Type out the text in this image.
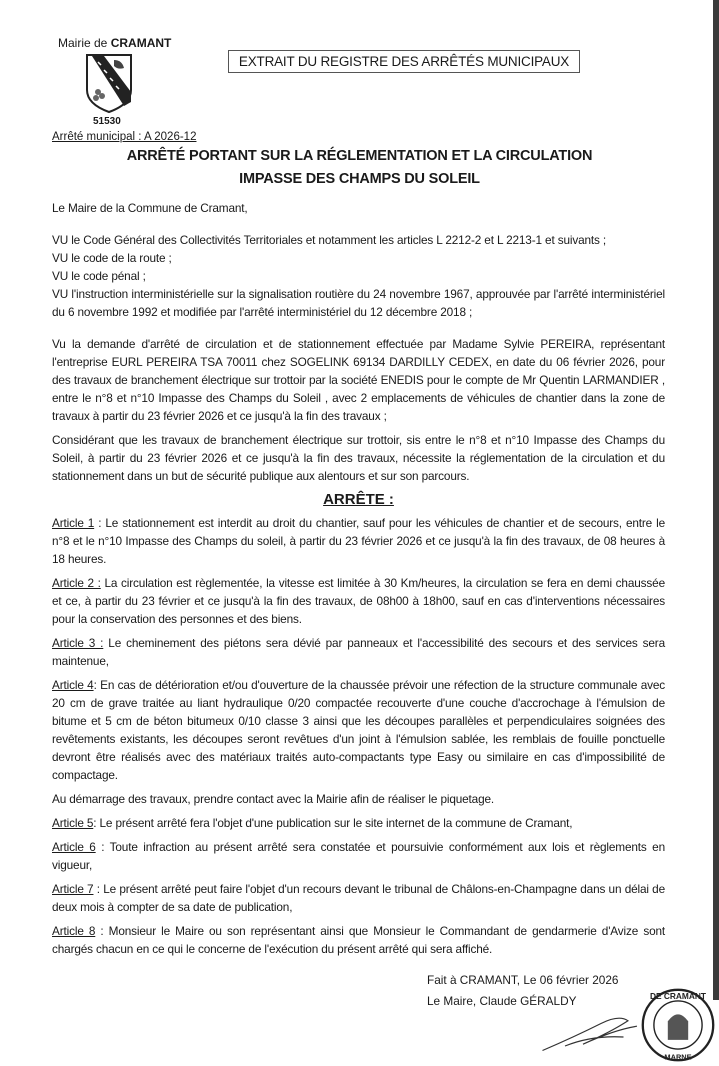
Mairie de CRAMANT
51530
Arrêté municipal : A 2026-12
EXTRAIT DU REGISTRE DES ARRÊTÉS MUNICIPAUX
ARRÊTÉ PORTANT SUR LA RÉGLEMENTATION ET LA CIRCULATION
IMPASSE DES CHAMPS DU SOLEIL
Le Maire de la Commune de Cramant,
VU le Code Général des Collectivités Territoriales et notamment les articles L 2212-2 et L 2213-1 et suivants ;
VU le code de la route ;
VU le code pénal ;
VU l'instruction interministérielle sur la signalisation routière du 24 novembre 1967, approuvée par l'arrêté interministériel du 6 novembre 1992 et modifiée par l'arrêté interministériel du 12 décembre 2018 ;
Vu la demande d'arrêté de circulation et de stationnement effectuée par Madame Sylvie PEREIRA, représentant l'entreprise EURL PEREIRA TSA 70011 chez SOGELINK 69134 DARDILLY CEDEX, en date du 06 février 2026, pour des travaux de branchement électrique sur trottoir par la société ENEDIS pour le compte de Mr Quentin LARMANDIER , entre le n°8 et n°10 Impasse des Champs du Soleil , avec 2 emplacements de véhicules de chantier dans la zone de travaux à partir du 23 février 2026 et ce jusqu'à la fin des travaux ;
Considérant que les travaux de branchement électrique sur trottoir, sis entre le n°8 et n°10 Impasse des Champs du Soleil, à partir du 23 février 2026 et ce jusqu'à la fin des travaux, nécessite la réglementation de la circulation et du stationnement dans un but de sécurité publique aux alentours et sur son parcours.
ARRÊTE :
Article 1 : Le stationnement est interdit au droit du chantier, sauf pour les véhicules de chantier et de secours, entre le n°8 et le n°10 Impasse des Champs du soleil, à partir du 23 février 2026 et ce jusqu'à la fin des travaux, de 08 heures à 18 heures.
Article 2 : La circulation est règlementée, la vitesse est limitée à 30 Km/heures, la circulation se fera en demi chaussée et ce, à partir du 23 février et ce jusqu'à la fin des travaux, de 08h00 à 18h00, sauf en cas d'interventions nécessaires pour la conservation des personnes et des biens.
Article 3 : Le cheminement des piétons sera dévié par panneaux et l'accessibilité des secours et des services sera maintenue,
Article 4: En cas de détérioration et/ou d'ouverture de la chaussée prévoir une réfection de la structure communale avec 20 cm de grave traitée au liant hydraulique 0/20 compactée recouverte d'une couche d'accrochage à l'émulsion de bitume et 5 cm de béton bitumeux 0/10 classe 3 ainsi que les découpes parallèles et perpendiculaires soignées des revêtements existants, les découpes seront revêtues d'un joint à l'émulsion sablée, les remblais de fouille ponctuelle devront être réalisés avec des matériaux traités auto-compactants type Easy ou similaire en cas d'impossibilité de compactage.
Au démarrage des travaux, prendre contact avec la Mairie afin de réaliser le piquetage.
Article 5: Le présent arrêté fera l'objet d'une publication sur le site internet de la commune de Cramant,
Article 6 : Toute infraction au présent arrêté sera constatée et poursuivie conformément aux lois et règlements en vigueur,
Article 7 : Le présent arrêté peut faire l'objet d'un recours devant le tribunal de Châlons-en-Champagne dans un délai de deux mois à compter de sa date de publication,
Article 8 : Monsieur le Maire ou son représentant ainsi que Monsieur le Commandant de gendarmerie d'Avize sont chargés chacun en ce qui le concerne de l'exécution du présent arrêté qui sera affiché.
Fait à CRAMANT, Le 06 février 2026
Le Maire, Claude GÉRALDY	DE CRAMANT
MARNE
